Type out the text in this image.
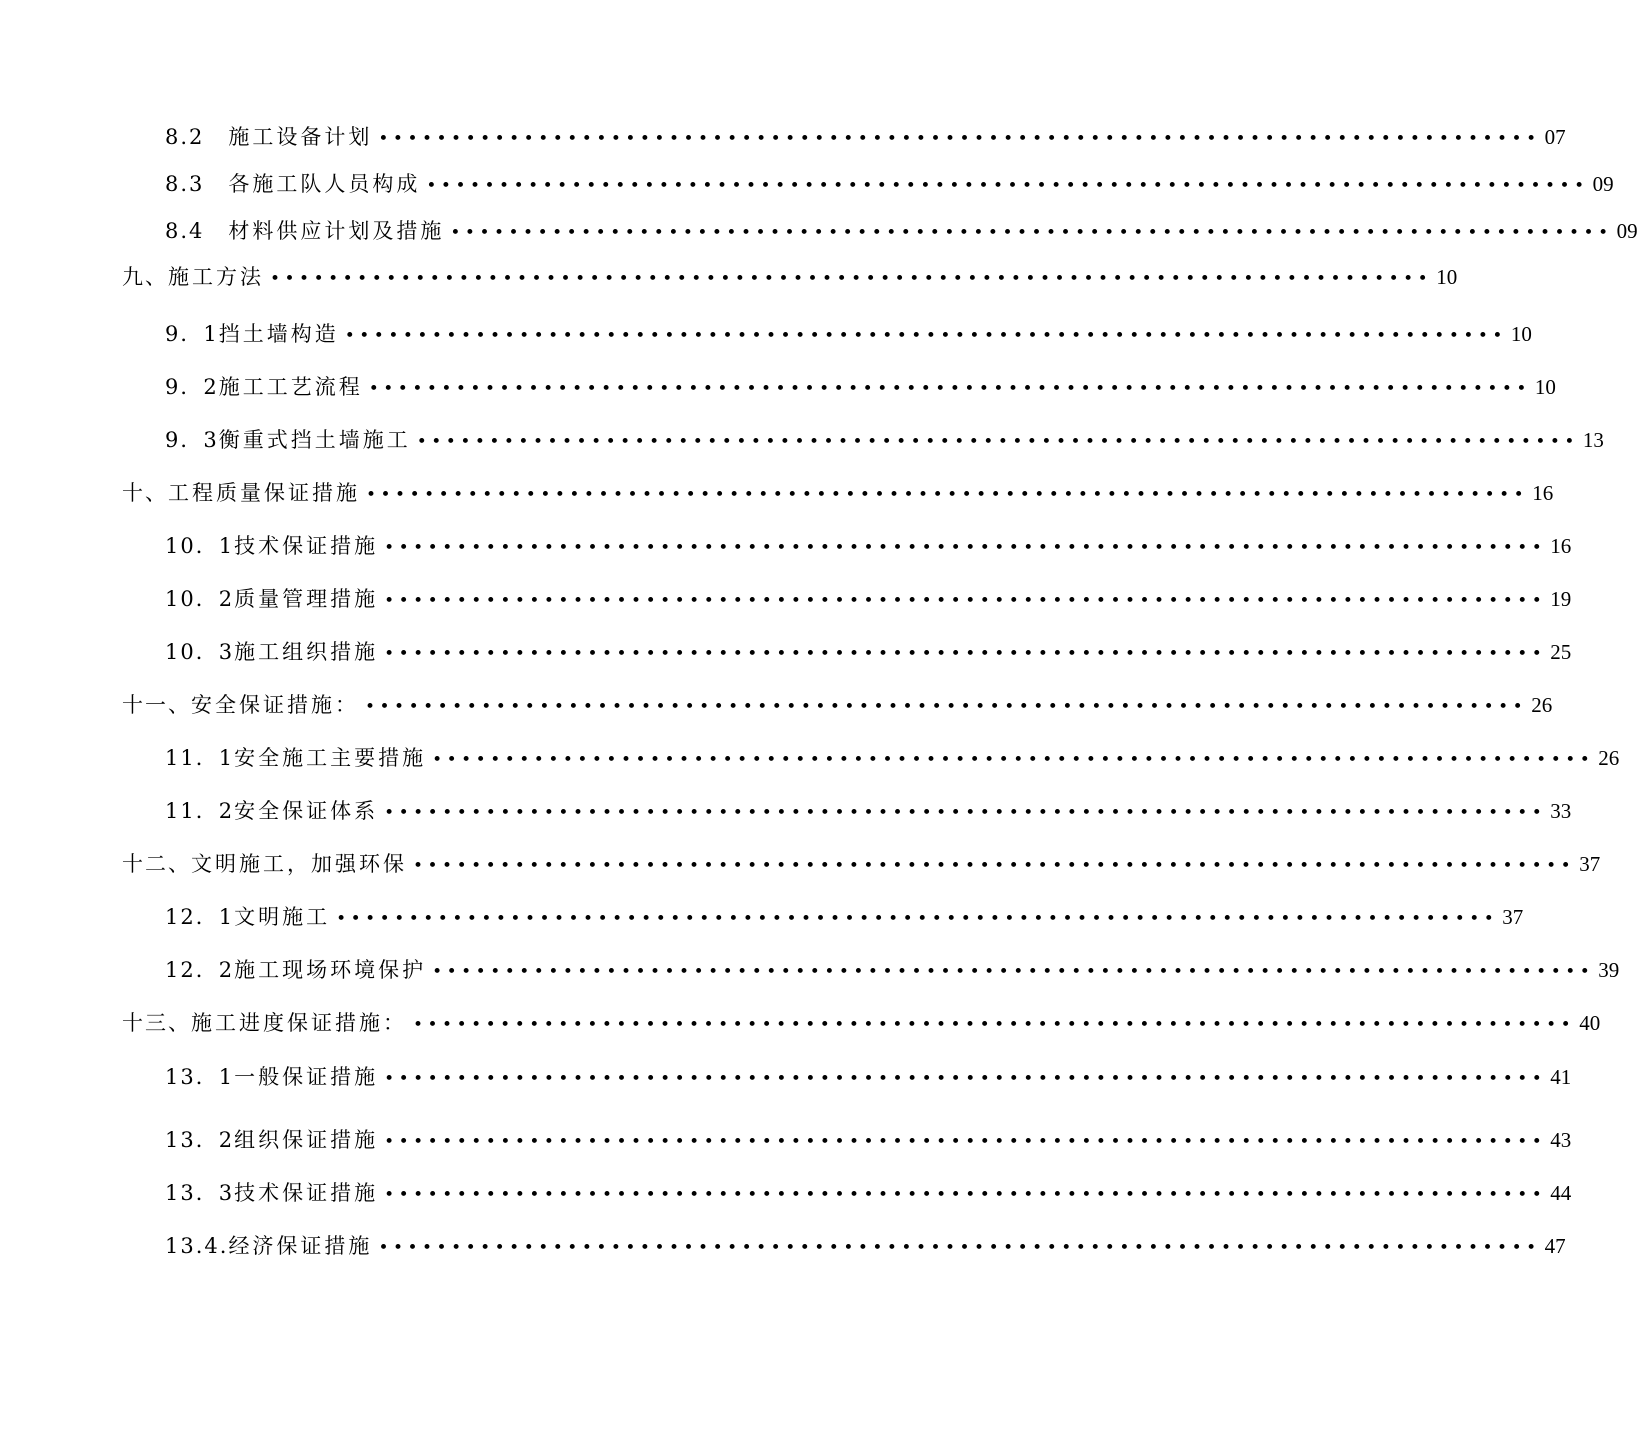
8.2  施工设备计划 •••••••••••••••••••••••••••••••••••••••••••••••••••••••••••••••••••••••••••••••• 07
8.3  各施工队人员构成 •••••••••••••••••••••••••••••••••••••••••••••••••••••••••••••••••••••••••••••••• 09
8.4  材料供应计划及措施 •••••••••••••••••••••••••••••••••••••••••••••••••••••••••••••••••••••••••••••••• 09
九、施工方法 •••••••••••••••••••••••••••••••••••••••••••••••••••••••••••••••••••••••••••••••• 10
9．1挡土墙构造 •••••••••••••••••••••••••••••••••••••••••••••••••••••••••••••••••••••••••••••••• 10
9．2施工工艺流程 •••••••••••••••••••••••••••••••••••••••••••••••••••••••••••••••••••••••••••••••• 10
9．3衡重式挡土墙施工 •••••••••••••••••••••••••••••••••••••••••••••••••••••••••••••••••••••••••••••••• 13
十、工程质量保证措施 •••••••••••••••••••••••••••••••••••••••••••••••••••••••••••••••••••••••••••••••• 16
10．1技术保证措施 •••••••••••••••••••••••••••••••••••••••••••••••••••••••••••••••••••••••••••••••• 16
10．2质量管理措施 •••••••••••••••••••••••••••••••••••••••••••••••••••••••••••••••••••••••••••••••• 19
10．3施工组织措施 •••••••••••••••••••••••••••••••••••••••••••••••••••••••••••••••••••••••••••••••• 25
十一、安全保证措施： •••••••••••••••••••••••••••••••••••••••••••••••••••••••••••••••••••••••••••••••• 26
11．1安全施工主要措施 •••••••••••••••••••••••••••••••••••••••••••••••••••••••••••••••••••••••••••••••• 26
11．2安全保证体系 •••••••••••••••••••••••••••••••••••••••••••••••••••••••••••••••••••••••••••••••• 33
十二、文明施工，加强环保 •••••••••••••••••••••••••••••••••••••••••••••••••••••••••••••••••••••••••••••••• 37
12．1文明施工 •••••••••••••••••••••••••••••••••••••••••••••••••••••••••••••••••••••••••••••••• 37
12．2施工现场环境保护 •••••••••••••••••••••••••••••••••••••••••••••••••••••••••••••••••••••••••••••••• 39
十三、施工进度保证措施： •••••••••••••••••••••••••••••••••••••••••••••••••••••••••••••••••••••••••••••••• 40
13．1一般保证措施 •••••••••••••••••••••••••••••••••••••••••••••••••••••••••••••••••••••••••••••••• 41
13．2组织保证措施 •••••••••••••••••••••••••••••••••••••••••••••••••••••••••••••••••••••••••••••••• 43
13．3技术保证措施 •••••••••••••••••••••••••••••••••••••••••••••••••••••••••••••••••••••••••••••••• 44
13.4.经济保证措施 •••••••••••••••••••••••••••••••••••••••••••••••••••••••••••••••••••••••••••••••• 47
